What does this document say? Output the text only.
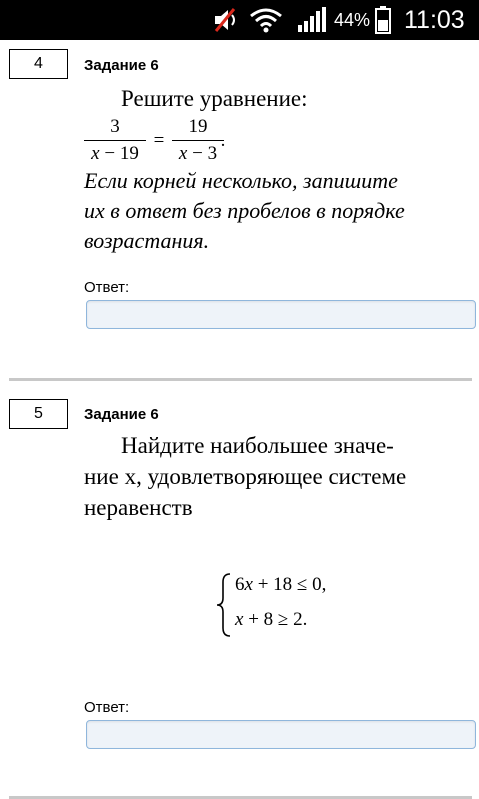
44% 11:03
4	Задание 6
Решите уравнение:
3
x − 19
=
19
x − 3
.
Если корней несколько, запишите
их в ответ без пробелов в порядке
возрастания.
Ответ:
5	Задание 6
Найдите наибольшее значе-
ние x, удовлетворяющее системе
неравенств
6x + 18 ≤ 0,
x + 8 ≥ 2.
Ответ:
